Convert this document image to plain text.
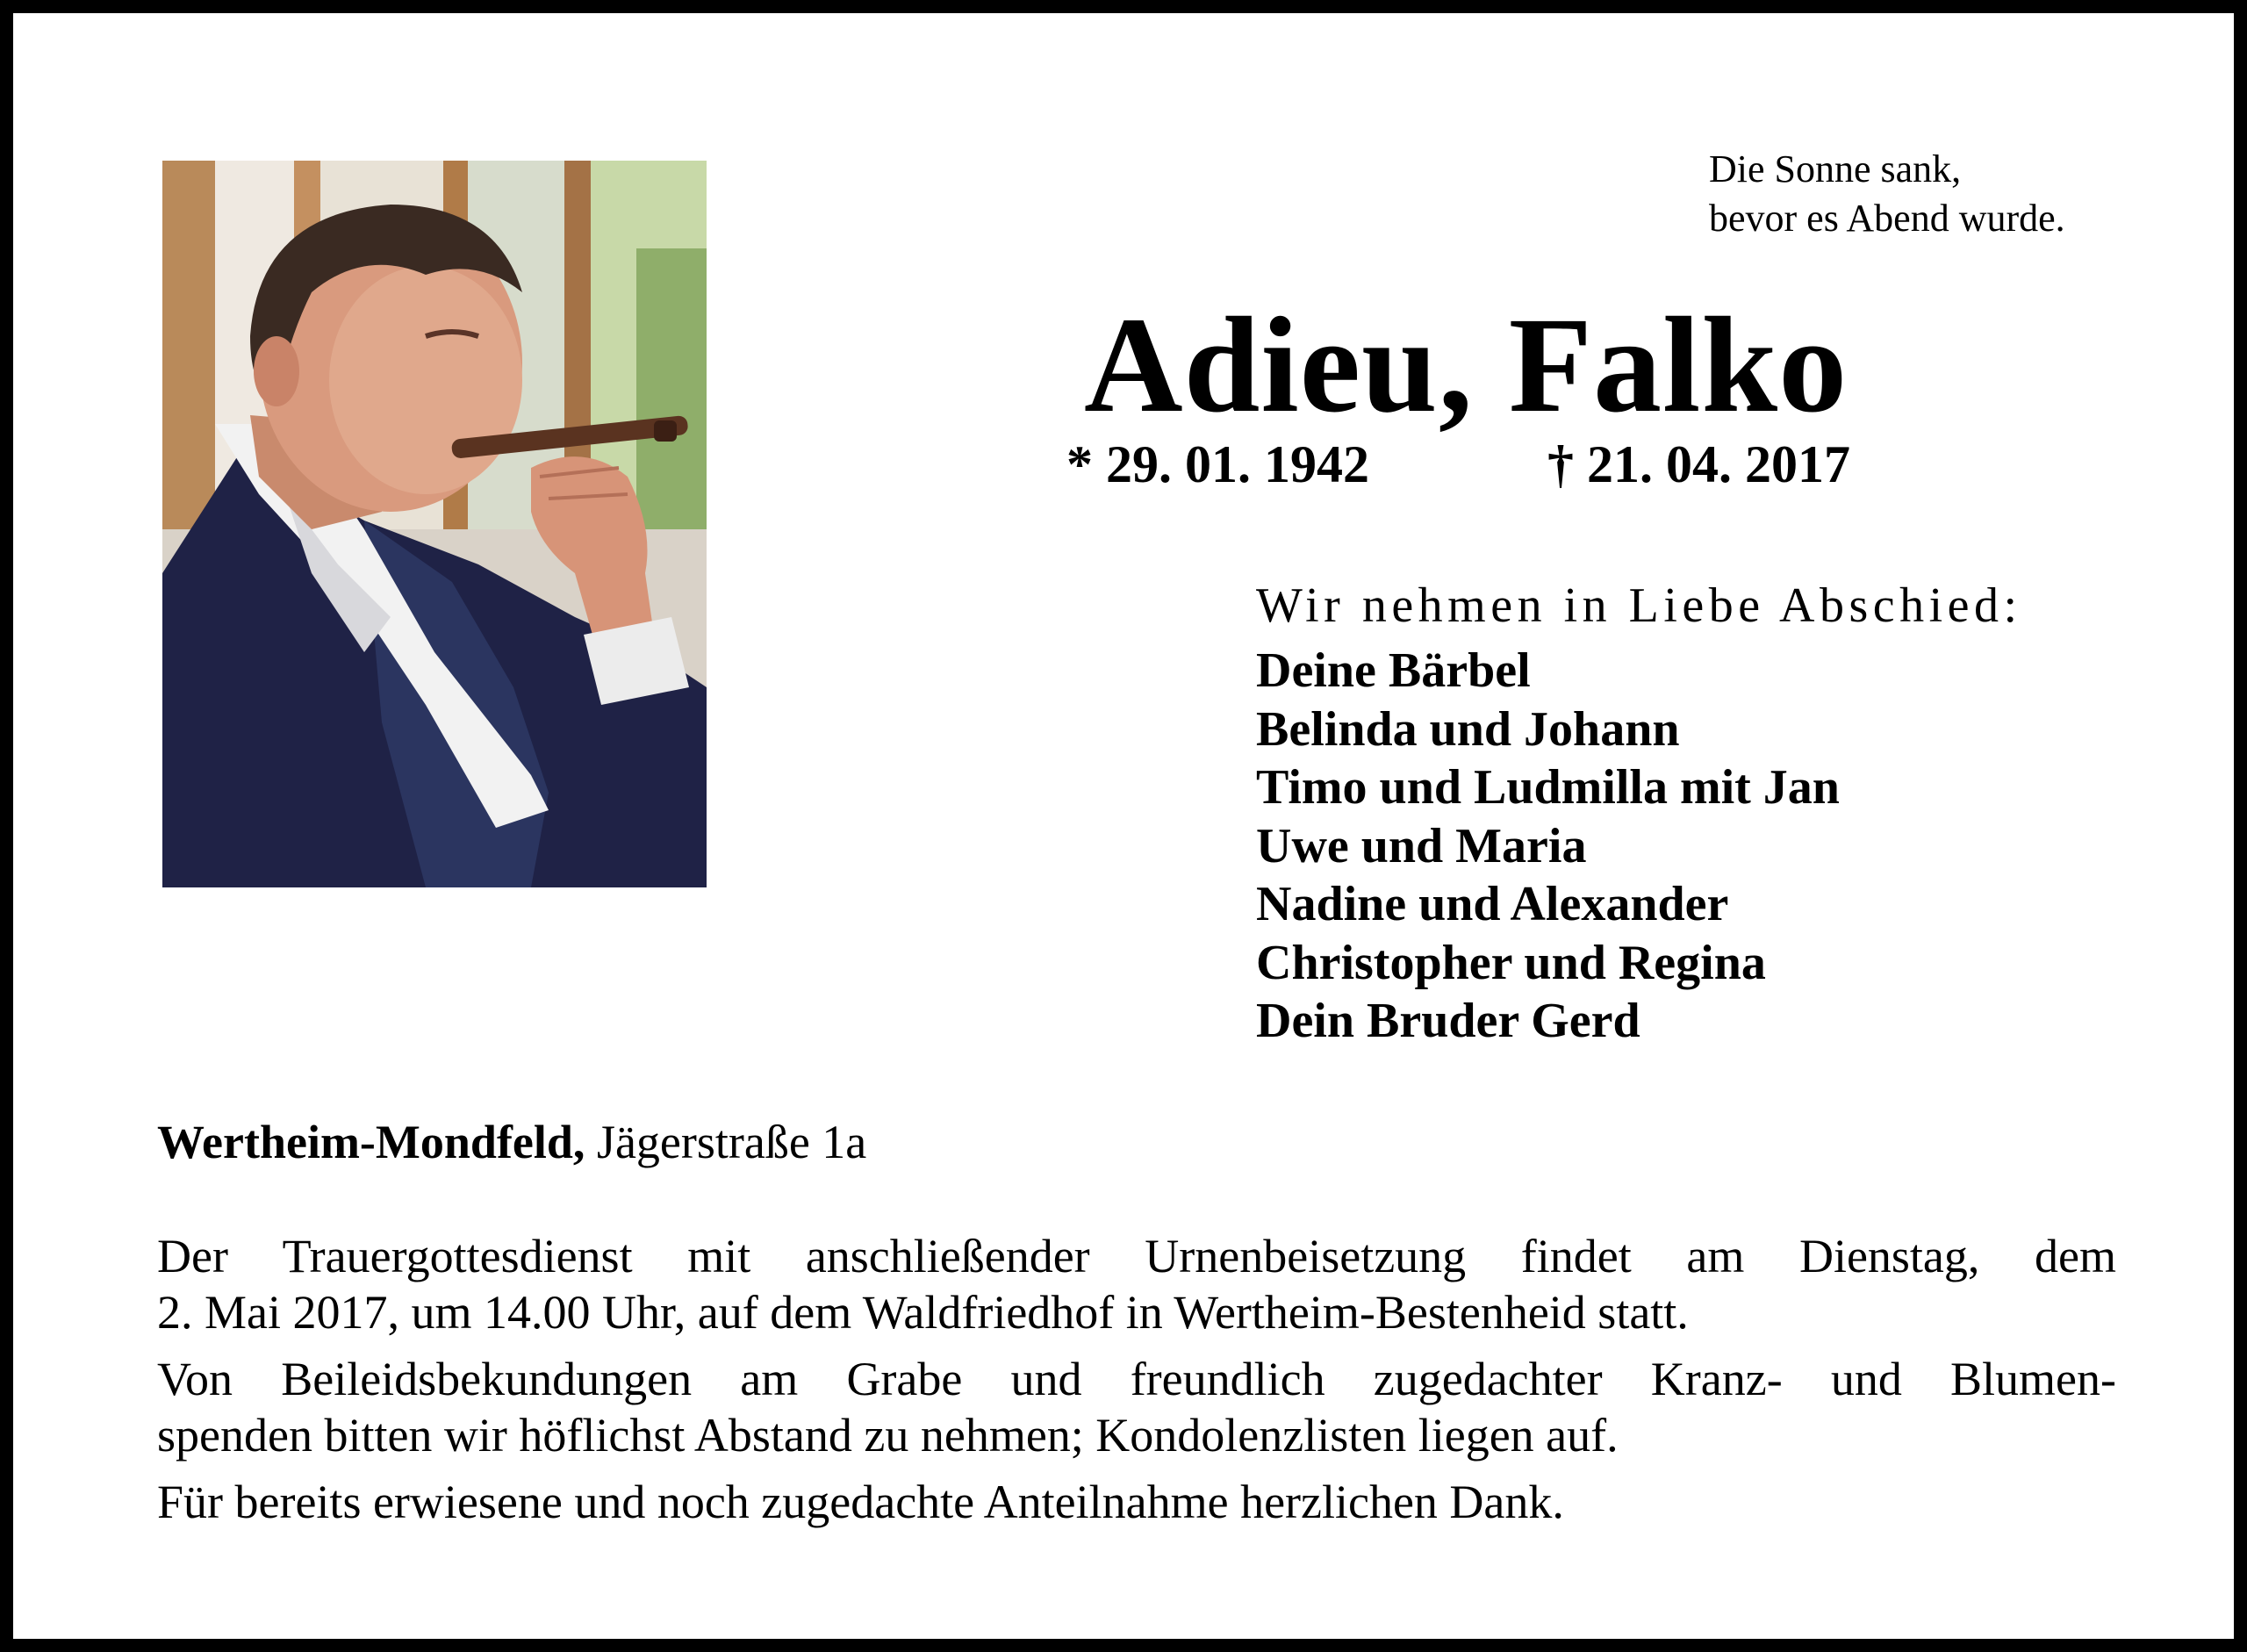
Die Sonne sank,
bevor es Abend wurde.
Adieu, Falko
* 29. 01. 1942	† 21. 04. 2017
Wir nehmen in Liebe Abschied:
Deine Bärbel
Belinda und Johann
Timo und Ludmilla mit Jan
Uwe und Maria
Nadine und Alexander
Christopher und Regina
Dein Bruder Gerd
Wertheim-Mondfeld, Jägerstraße 1a

Der Trauergottesdienst mit anschließender Urnenbeisetzung findet am Dienstag, dem
2. Mai 2017, um 14.00 Uhr, auf dem Waldfriedhof in Wertheim-Bestenheid statt.

Von Beileidsbekundungen am Grabe und freundlich zugedachter Kranz- und Blumen-
spenden bitten wir höflichst Abstand zu nehmen; Kondolenzlisten liegen auf.

Für bereits erwiesene und noch zugedachte Anteilnahme herzlichen Dank.
